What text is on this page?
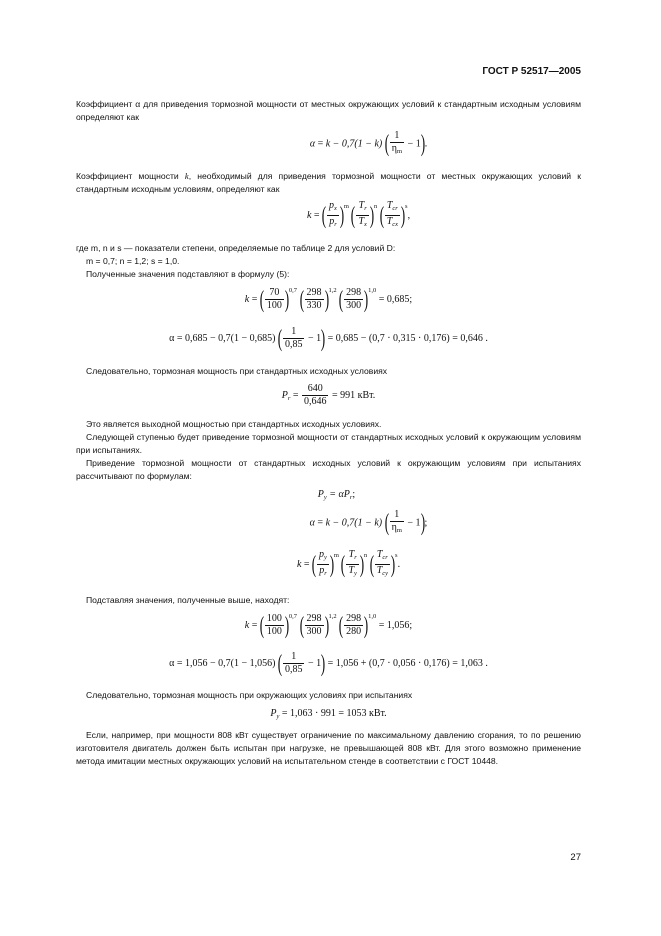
ГОСТ Р 52517—2005

Коэффициент α для приведения тормозной мощности от местных окружающих условий к стандартным исходным условиям определяют как

α = k − 0,7(1 − k) ( $\frac{1}{\eta_m} - 1$).

Коэффициент мощности k, необходимый для приведения тормозной мощности от местных окружающих условий к стандартным исходным условиям, определяют как

k = ( $\frac{p_x}{p_r} )^m$ ( $\frac{T_r}{T_x} )^n$ ( $\frac{T_{cr}}{T_{cx}} )^s$,

где m, n и s — показатели степени, определяемые по таблице 2 для условий D:

m = 0,7; n = 1,2; s = 1,0.

Полученные значения подставляют в формулу (5):

k = ( $\frac{70}{100} )^{0,7}$ ( $\frac{298}{330} )^{1,2}$ ( $\frac{298}{300} )^{1,0} = 0,685$;
α = 0,685 − 0,7(1 − 0,685) ( $\frac{1}{0,85} - 1) = 0,685 - (0,7 \cdot 0,315 \cdot 0,176) = 0,646$ .

Следовательно, тормозная мощность при стандартных исходных условиях

$P_r = \frac{640}{0,646} = 991$ кВт.

Это является выходной мощностью при стандартных исходных условиях.

Следующей ступенью будет приведение тормозной мощности от стандартных исходных условий к окружающим условиям при испытаниях.

Приведение тормозной мощности от стандартных исходных условий к окружающим условиям при испытаниях рассчитывают по формулам:

$P_y = \alpha P_r$;
α = k − 0,7(1 − k) ( $\frac{1}{\eta_m} - 1$);
k = ( $\frac{p_y}{p_r} )^m$ ( $\frac{T_r}{T_y} )^n$ ( $\frac{T_{cr}}{T_{cy}} )^s$.

Подставляя значения, полученные выше, находят:

k = ( $\frac{100}{100} )^{0,7}$ ( $\frac{298}{300} )^{1,2}$ ( $\frac{298}{280} )^{1,0} = 1,056$;
α = 1,056 − 0,7(1 − 1,056) ( $\frac{1}{0,85} - 1) = 1,056 + (0,7 \cdot 0,056 \cdot 0,176) = 1,063$ .

Следовательно, тормозная мощность при окружающих условиях при испытаниях

$P_y = 1,063 \cdot 991 = 1053$ кВт.

Если, например, при мощности 808 кВт существует ограничение по максимальному давлению сгорания, то по решению изготовителя двигатель должен быть испытан при нагрузке, не превышающей 808 кВт. Для этого возможно применение метода имитации местных окружающих условий на испытательном стенде в соответствии с ГОСТ 10448.

27
